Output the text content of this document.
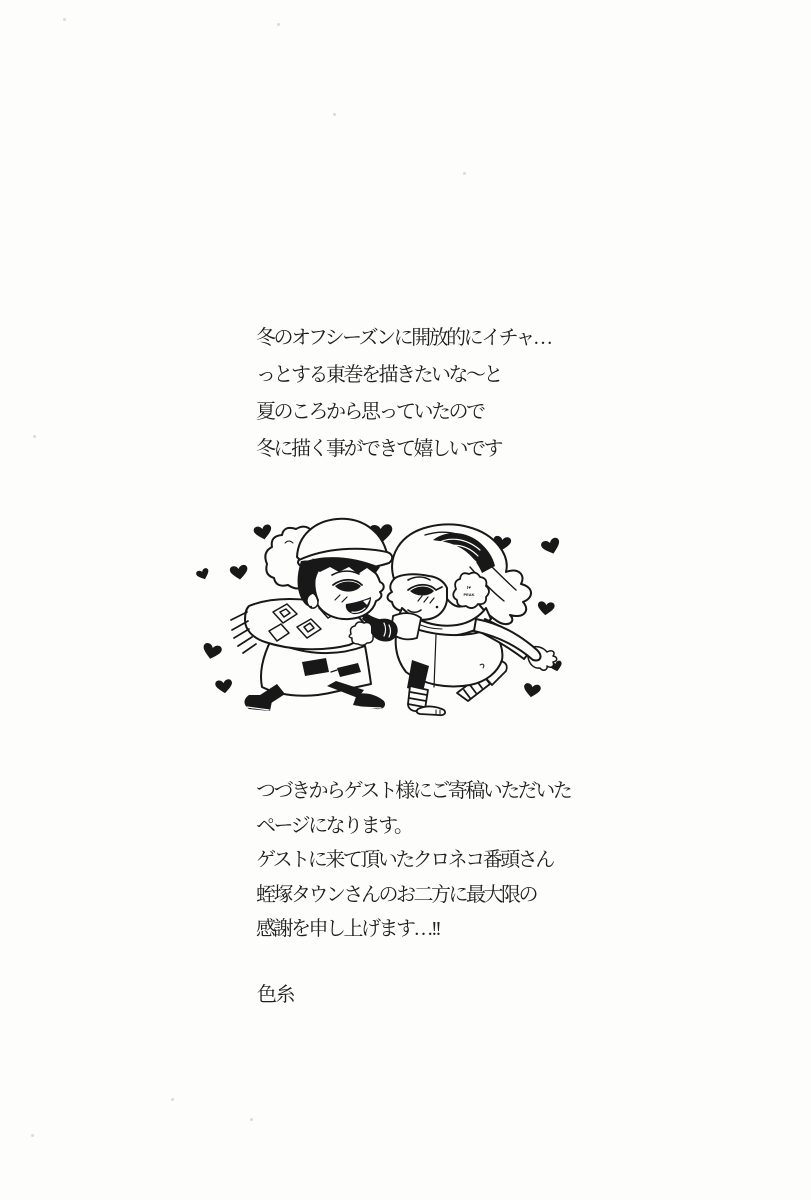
冬のオフシーズンに開放的にイチャ…
っとする東巻を描きたいな〜と
夏のころから思っていたので
冬に描く事ができて嬉しいです
I♥
PEAK
つづきからゲスト様にご寄稿いただいた
ページになります。
ゲストに来て頂いたクロネコ番頭さん
蛭塚タウンさんのお二方に最大限の
感謝を申し上げます…!!
色糸
